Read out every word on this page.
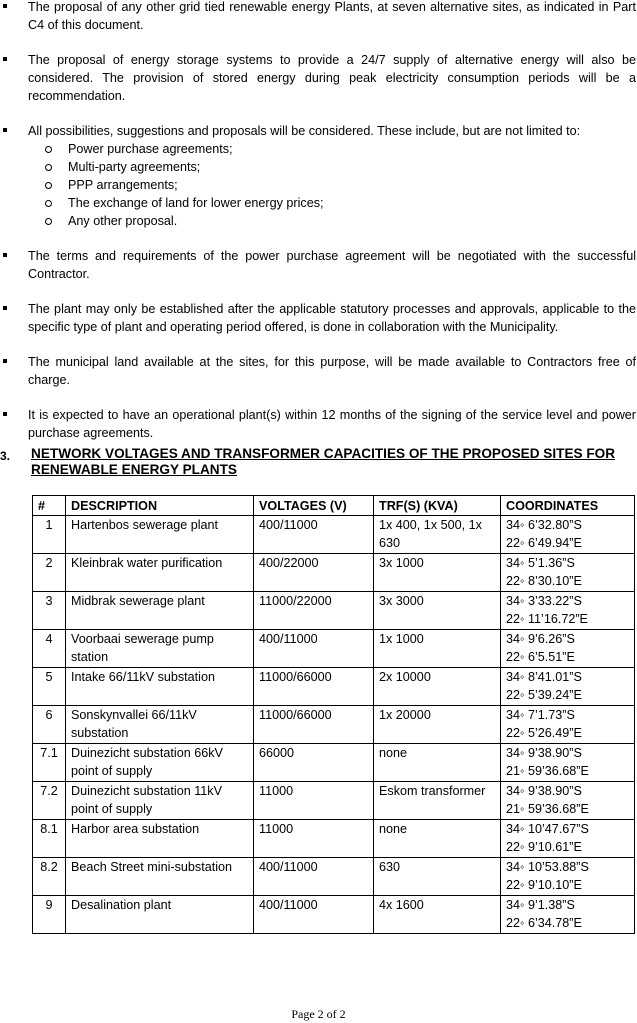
The proposal of any other grid tied renewable energy Plants, at seven alternative sites, as indicated in Part C4 of this document.
The proposal of energy storage systems to provide a 24/7 supply of alternative energy will also be considered. The provision of stored energy during peak electricity consumption periods will be a recommendation.
All possibilities, suggestions and proposals will be considered. These include, but are not limited to:
Power purchase agreements;
Multi-party agreements;
PPP arrangements;
The exchange of land for lower energy prices;
Any other proposal.
The terms and requirements of the power purchase agreement will be negotiated with the successful Contractor.
The plant may only be established after the applicable statutory processes and approvals, applicable to the specific type of plant and operating period offered, is done in collaboration with the Municipality.
The municipal land available at the sites, for this purpose, will be made available to Contractors free of charge.
It is expected to have an operational plant(s) within 12 months of the signing of the service level and power purchase agreements.
3. NETWORK VOLTAGES AND TRANSFORMER CAPACITIES OF THE PROPOSED SITES FOR RENEWABLE ENERGY PLANTS
#	DESCRIPTION	VOLTAGES (V)	TRF(S) (KVA)	COORDINATES
1	Hartenbos sewerage plant	400/11000	1x 400, 1x 500, 1x 630	34◦ 6’32.80”S
22◦ 6’49.94”E

2	Kleinbrak water purification	400/22000	3x 1000	34◦ 5’1.36”S
22◦ 8’30.10”E

3	Midbrak sewerage plant	11000/22000	3x 3000	34◦ 3’33.22”S
22◦ 11’16.72”E

4	Voorbaai sewerage pump station	400/11000	1x 1000	34◦ 9’6.26”S
22◦ 6’5.51”E

5	Intake 66/11kV substation	11000/66000	2x 10000	34◦ 8’41.01”S
22◦ 5’39.24”E

6	Sonskynvallei 66/11kV substation	11000/66000	1x 20000	34◦ 7’1.73”S
22◦ 5’26.49”E

7.1	Duinezicht substation 66kV point of supply	66000	none	34◦ 9’38.90”S
21◦ 59’36.68”E

7.2	Duinezicht substation 11kV point of supply	11000	Eskom transformer	34◦ 9’38.90”S
21◦ 59’36.68”E

8.1	Harbor area substation	11000	none	34◦ 10’47.67”S
22◦ 9’10.61”E

8.2	Beach Street mini-substation	400/11000	630	34◦ 10’53.88”S
22◦ 9’10.10”E

9	Desalination plant	400/11000	4x 1600	34◦ 9’1.38”S
22◦ 6’34.78”E
Page 2 of 2
